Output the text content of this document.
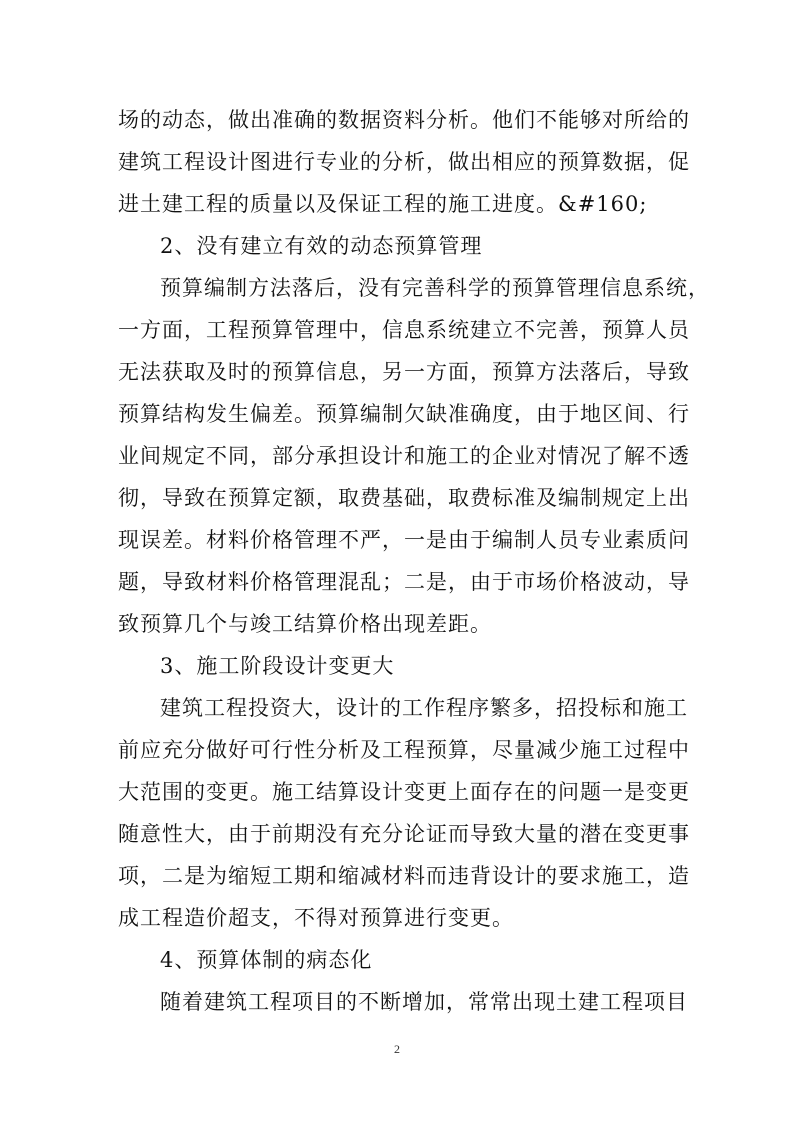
场的动态，做出准确的数据资料分析。他们不能够对所给的
建筑工程设计图进行专业的分析，做出相应的预算数据，促
进土建工程的质量以及保证工程的施工进度。&#160;
2、没有建立有效的动态预算管理
预算编制方法落后，没有完善科学的预算管理信息系统，
一方面，工程预算管理中，信息系统建立不完善，预算人员
无法获取及时的预算信息，另一方面，预算方法落后，导致
预算结构发生偏差。预算编制欠缺准确度，由于地区间、行
业间规定不同，部分承担设计和施工的企业对情况了解不透
彻，导致在预算定额，取费基础，取费标准及编制规定上出
现误差。材料价格管理不严，一是由于编制人员专业素质问
题，导致材料价格管理混乱；二是，由于市场价格波动，导
致预算几个与竣工结算价格出现差距。
3、施工阶段设计变更大
建筑工程投资大，设计的工作程序繁多，招投标和施工
前应充分做好可行性分析及工程预算，尽量减少施工过程中
大范围的变更。施工结算设计变更上面存在的问题一是变更
随意性大，由于前期没有充分论证而导致大量的潜在变更事
项，二是为缩短工期和缩减材料而违背设计的要求施工，造
成工程造价超支，不得对预算进行变更。
4、预算体制的病态化
随着建筑工程项目的不断增加，常常出现土建工程项目
2
